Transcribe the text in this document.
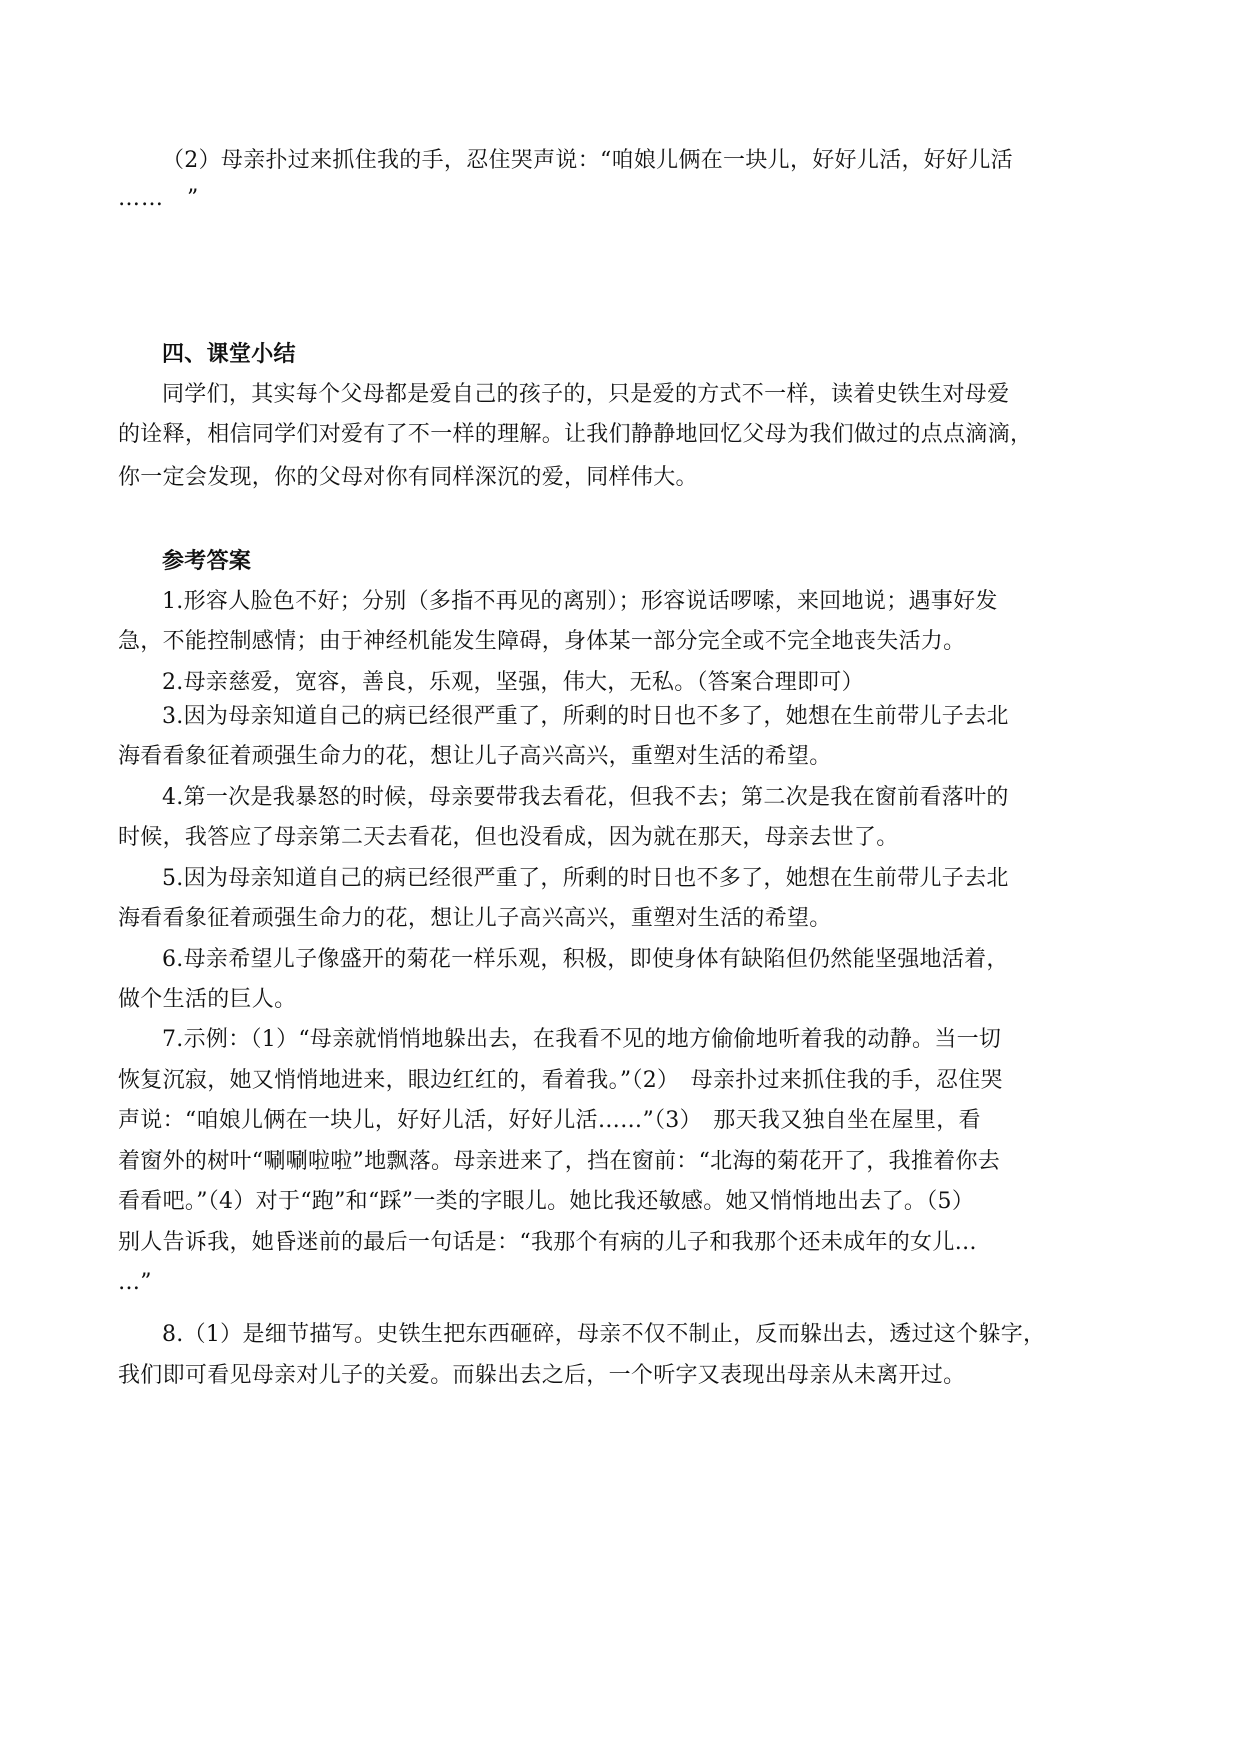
（2）母亲扑过来抓住我的手，忍住哭声说：“咱娘儿俩在一块儿，好好儿活，好好儿活
……　”
四、课堂小结
同学们，其实每个父母都是爱自己的孩子的，只是爱的方式不一样，读着史铁生对母爱
的诠释，相信同学们对爱有了不一样的理解。让我们静静地回忆父母为我们做过的点点滴滴，
你一定会发现，你的父母对你有同样深沉的爱，同样伟大。
参考答案
1.形容人脸色不好；分别（多指不再见的离别）；形容说话啰嗦，来回地说；遇事好发
急，不能控制感情；由于神经机能发生障碍，身体某一部分完全或不完全地丧失活力。
2.母亲慈爱，宽容，善良，乐观，坚强，伟大，无私。（答案合理即可）
3.因为母亲知道自己的病已经很严重了，所剩的时日也不多了，她想在生前带儿子去北
海看看象征着顽强生命力的花，想让儿子高兴高兴，重塑对生活的希望。
4.第一次是我暴怒的时候，母亲要带我去看花，但我不去；第二次是我在窗前看落叶的
时候，我答应了母亲第二天去看花，但也没看成，因为就在那天，母亲去世了。
5.因为母亲知道自己的病已经很严重了，所剩的时日也不多了，她想在生前带儿子去北
海看看象征着顽强生命力的花，想让儿子高兴高兴，重塑对生活的希望。
6.母亲希望儿子像盛开的菊花一样乐观，积极，即使身体有缺陷但仍然能坚强地活着，
做个生活的巨人。
7.示例：（1）“母亲就悄悄地躲出去，在我看不见的地方偷偷地听着我的动静。当一切
恢复沉寂，她又悄悄地进来，眼边红红的，看着我。”（2）　母亲扑过来抓住我的手，忍住哭
声说：“咱娘儿俩在一块儿，好好儿活，好好儿活……”（3）　那天我又独自坐在屋里，看
着窗外的树叶“唰唰啦啦”地飘落。母亲进来了，挡在窗前：“北海的菊花开了，我推着你去
看看吧。”（4）对于“跑”和“踩”一类的字眼儿。她比我还敏感。她又悄悄地出去了。（5）
别人告诉我，她昏迷前的最后一句话是：“我那个有病的儿子和我那个还未成年的女儿…
…”
8.（1）是细节描写。史铁生把东西砸碎，母亲不仅不制止，反而躲出去，透过这个躲字，
我们即可看见母亲对儿子的关爱。而躲出去之后，一个听字又表现出母亲从未离开过。
